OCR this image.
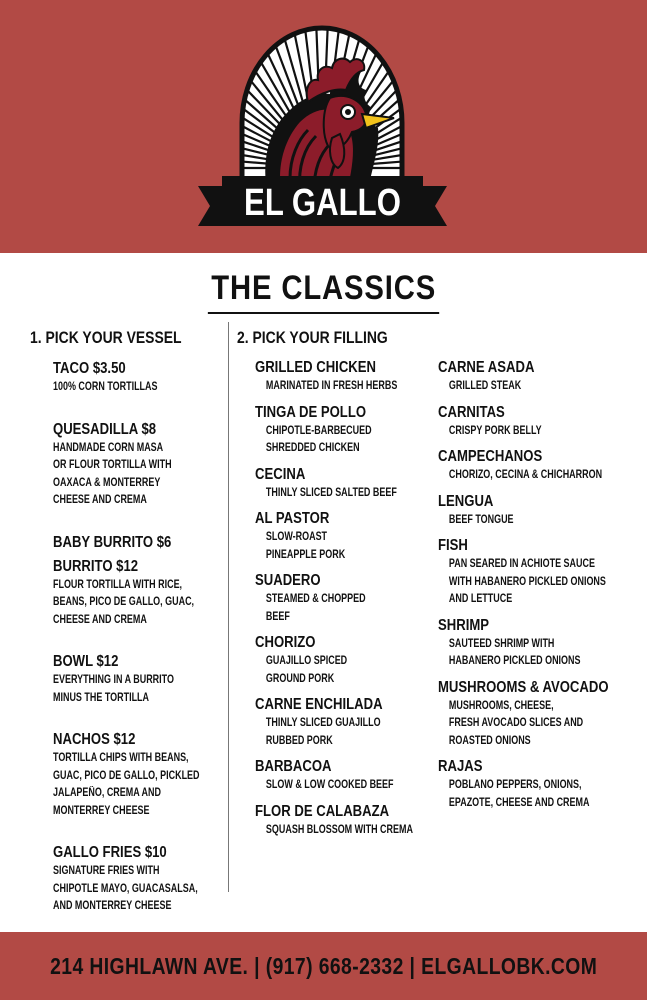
EL GALLO
THE CLASSICS
1. PICK YOUR VESSEL
TACO $3.50
100% CORN TORTILLAS
QUESADILLA $8
HANDMADE CORN MASA
OR FLOUR TORTILLA WITH
OAXACA & MONTERREY
CHEESE AND CREMA
BABY BURRITO $6
BURRITO $12
FLOUR TORTILLA WITH RICE,
BEANS, PICO DE GALLO, GUAC,
CHEESE AND CREMA
BOWL $12
EVERYTHING IN A BURRITO
MINUS THE TORTILLA
NACHOS $12
TORTILLA CHIPS WITH BEANS,
GUAC, PICO DE GALLO, PICKLED
JALAPEÑO, CREMA AND
MONTERREY CHEESE
GALLO FRIES $10
SIGNATURE FRIES WITH
CHIPOTLE MAYO, GUACASALSA,
AND MONTERREY CHEESE
2. PICK YOUR FILLING
GRILLED CHICKEN
MARINATED IN FRESH HERBS
TINGA DE POLLO
CHIPOTLE-BARBECUED
SHREDDED CHICKEN
CECINA
THINLY SLICED SALTED BEEF
AL PASTOR
SLOW-ROAST
PINEAPPLE PORK
SUADERO
STEAMED & CHOPPED
BEEF
CHORIZO
GUAJILLO SPICED
GROUND PORK
CARNE ENCHILADA
THINLY SLICED GUAJILLO
RUBBED PORK
BARBACOA
SLOW & LOW COOKED BEEF
FLOR DE CALABAZA
SQUASH BLOSSOM WITH CREMA
CARNE ASADA
GRILLED STEAK
CARNITAS
CRISPY PORK BELLY
CAMPECHANOS
CHORIZO, CECINA & CHICHARRON
LENGUA
BEEF TONGUE
FISH
PAN SEARED IN ACHIOTE SAUCE
WITH HABANERO PICKLED ONIONS
AND LETTUCE
SHRIMP
SAUTEED SHRIMP WITH
HABANERO PICKLED ONIONS
MUSHROOMS & AVOCADO
MUSHROOMS, CHEESE,
FRESH AVOCADO SLICES AND
ROASTED ONIONS
RAJAS
POBLANO PEPPERS, ONIONS,
EPAZOTE, CHEESE AND CREMA
214 HIGHLAWN AVE. | (917) 668-2332 | ELGALLOBK.COM
